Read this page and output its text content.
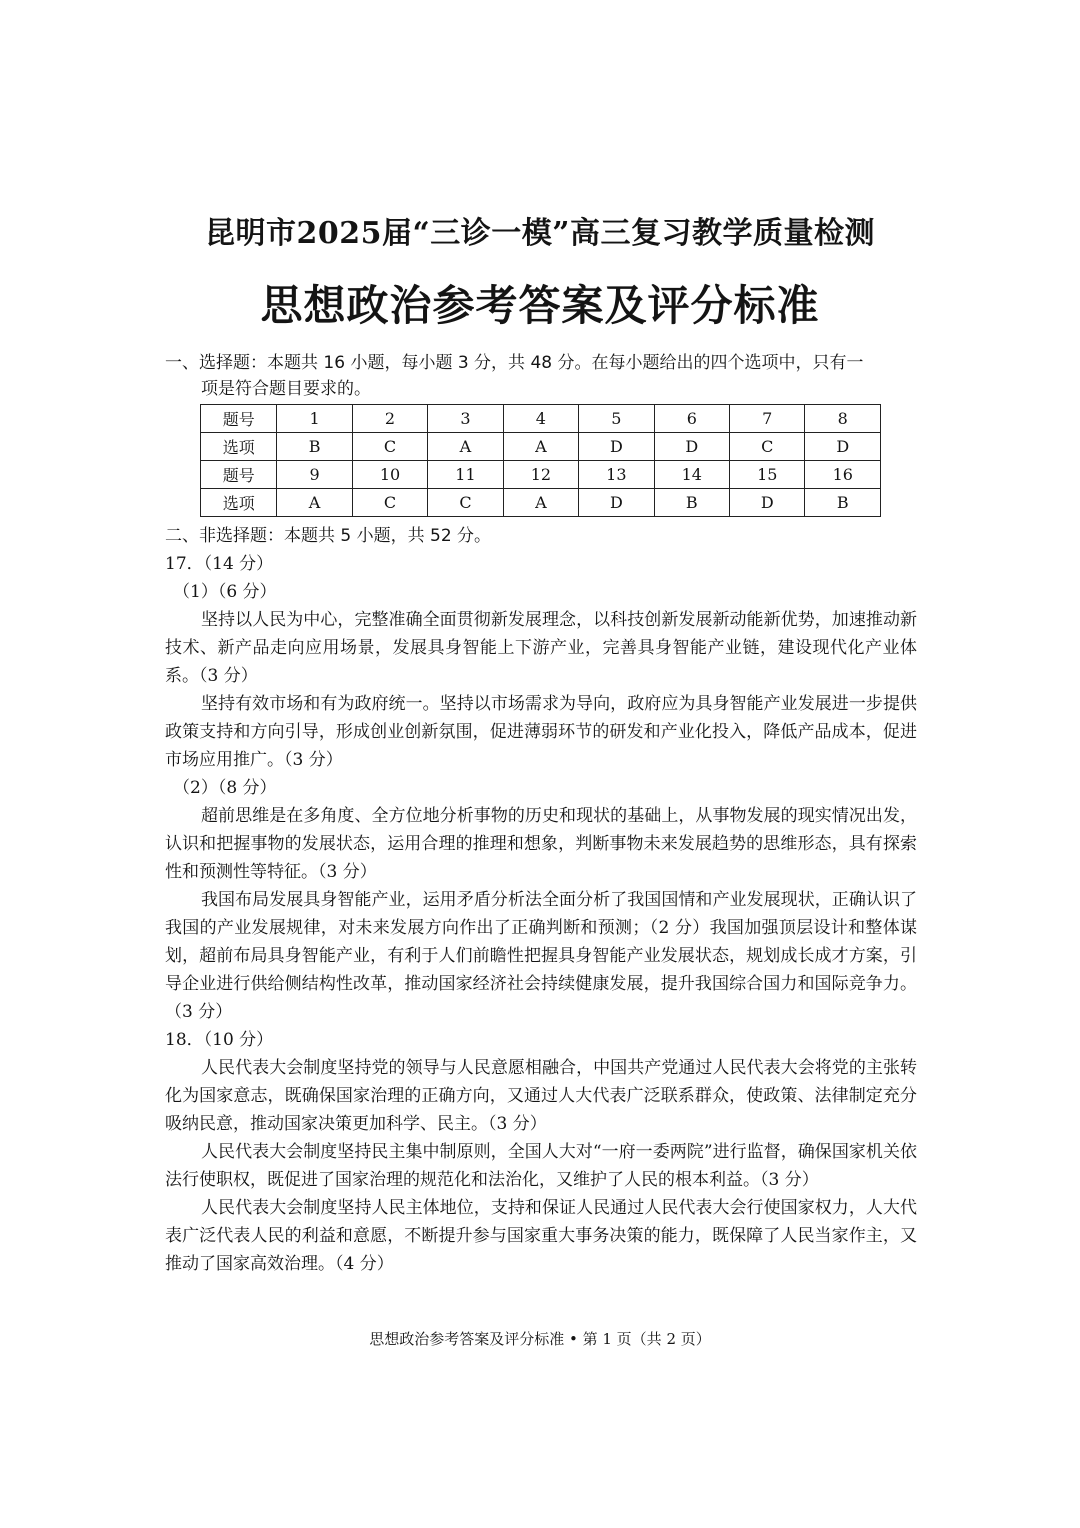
昆明市2025届“三诊一模”高三复习教学质量检测
思想政治参考答案及评分标准
一、选择题：本题共 16 小题，每小题 3 分，共 48 分。在每小题给出的四个选项中，只有一
项是符合题目要求的。
题号	1	2	3	4	5	6	7	8
选项	B	C	A	A	D	D	C	D
题号	9	10	11	12	13	14	15	16
选项	A	C	C	A	D	B	D	B
二、非选择题：本题共 5 小题，共 52 分。
17．（14 分）
（1）（6 分）
坚持以人民为中心，完整准确全面贯彻新发展理念，以科技创新发展新动能新优势，加速推动新技术、新产品走向应用场景，发展具身智能上下游产业，完善具身智能产业链，建设现代化产业体系。（3 分）
坚持有效市场和有为政府统一。坚持以市场需求为导向，政府应为具身智能产业发展进一步提供政策支持和方向引导，形成创业创新氛围，促进薄弱环节的研发和产业化投入，降低产品成本，促进市场应用推广。（3 分）
（2）（8 分）
超前思维是在多角度、全方位地分析事物的历史和现状的基础上，从事物发展的现实情况出发，认识和把握事物的发展状态，运用合理的推理和想象，判断事物未来发展趋势的思维形态，具有探索性和预测性等特征。（3 分）
我国布局发展具身智能产业，运用矛盾分析法全面分析了我国国情和产业发展现状，正确认识了我国的产业发展规律，对未来发展方向作出了正确判断和预测；（2 分）我国加强顶层设计和整体谋划，超前布局具身智能产业，有利于人们前瞻性把握具身智能产业发展状态，规划成长成才方案，引导企业进行供给侧结构性改革，推动国家经济社会持续健康发展，提升我国综合国力和国际竞争力。（3 分）
18．（10 分）
人民代表大会制度坚持党的领导与人民意愿相融合，中国共产党通过人民代表大会将党的主张转化为国家意志，既确保国家治理的正确方向，又通过人大代表广泛联系群众，使政策、法律制定充分吸纳民意，推动国家决策更加科学、民主。（3 分）
人民代表大会制度坚持民主集中制原则，全国人大对“一府一委两院”进行监督，确保国家机关依法行使职权，既促进了国家治理的规范化和法治化，又维护了人民的根本利益。（3 分）
人民代表大会制度坚持人民主体地位，支持和保证人民通过人民代表大会行使国家权力，人大代表广泛代表人民的利益和意愿，不断提升参与国家重大事务决策的能力，既保障了人民当家作主，又推动了国家高效治理。（4 分）
思想政治参考答案及评分标准 • 第 1 页（共 2 页）
